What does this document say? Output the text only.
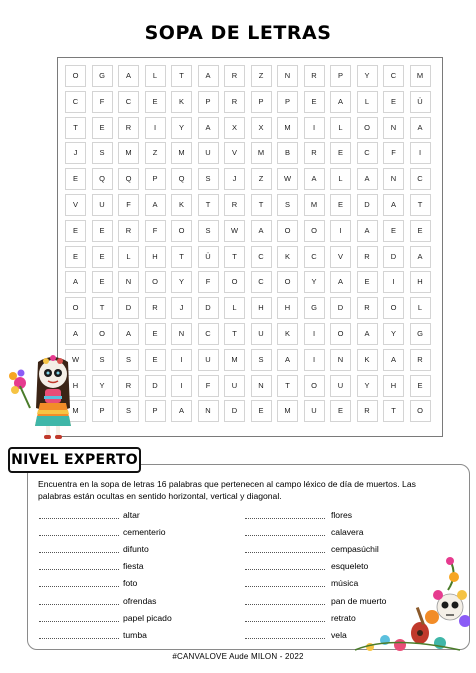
SOPA DE LETRAS
O	G	A	L	T	A	R	Z	N	R	P	Y	C	M
C	F	C	E	K	P	R	P	P	E	A	L	E	Ü
T	E	R	I	Y	A	X	X	M	I	L	O	N	A
J	S	M	Z	M	U	V	M	B	R	E	C	F	I
E	Q	Q	P	Q	S	J	Z	W	A	L	A	N	C
V	U	F	A	K	T	R	T	S	M	E	D	A	T
E	E	R	F	O	S	W	A	O	O	I	A	E	E
E	E	L	H	T	Ü	T	C	K	C	V	R	D	A
A	E	N	O	Y	F	O	C	O	Y	A	E	I	H
O	T	D	R	J	D	L	H	H	G	D	R	O	L
A	O	A	E	N	C	T	U	K	I	O	A	Y	G
W	S	S	E	I	U	M	S	A	I	N	K	A	R
H	Y	R	D	I	F	U	N	T	O	U	Y	H	E
M	P	S	P	A	N	D	E	M	U	E	R	T	O
NIVEL EXPERTO
Encuentra en la sopa de letras 16 palabras que pertenecen al campo léxico de día de muertos. Las palabras están ocultas en sentido horizontal, vertical y diagonal.
altar
cementerio
difunto
fiesta
foto
ofrendas
papel picado
tumba
flores
calavera
cempasúchil
esqueleto
música
pan de muerto
retrato
vela
#CANVALOVE Aude MILON - 2022
